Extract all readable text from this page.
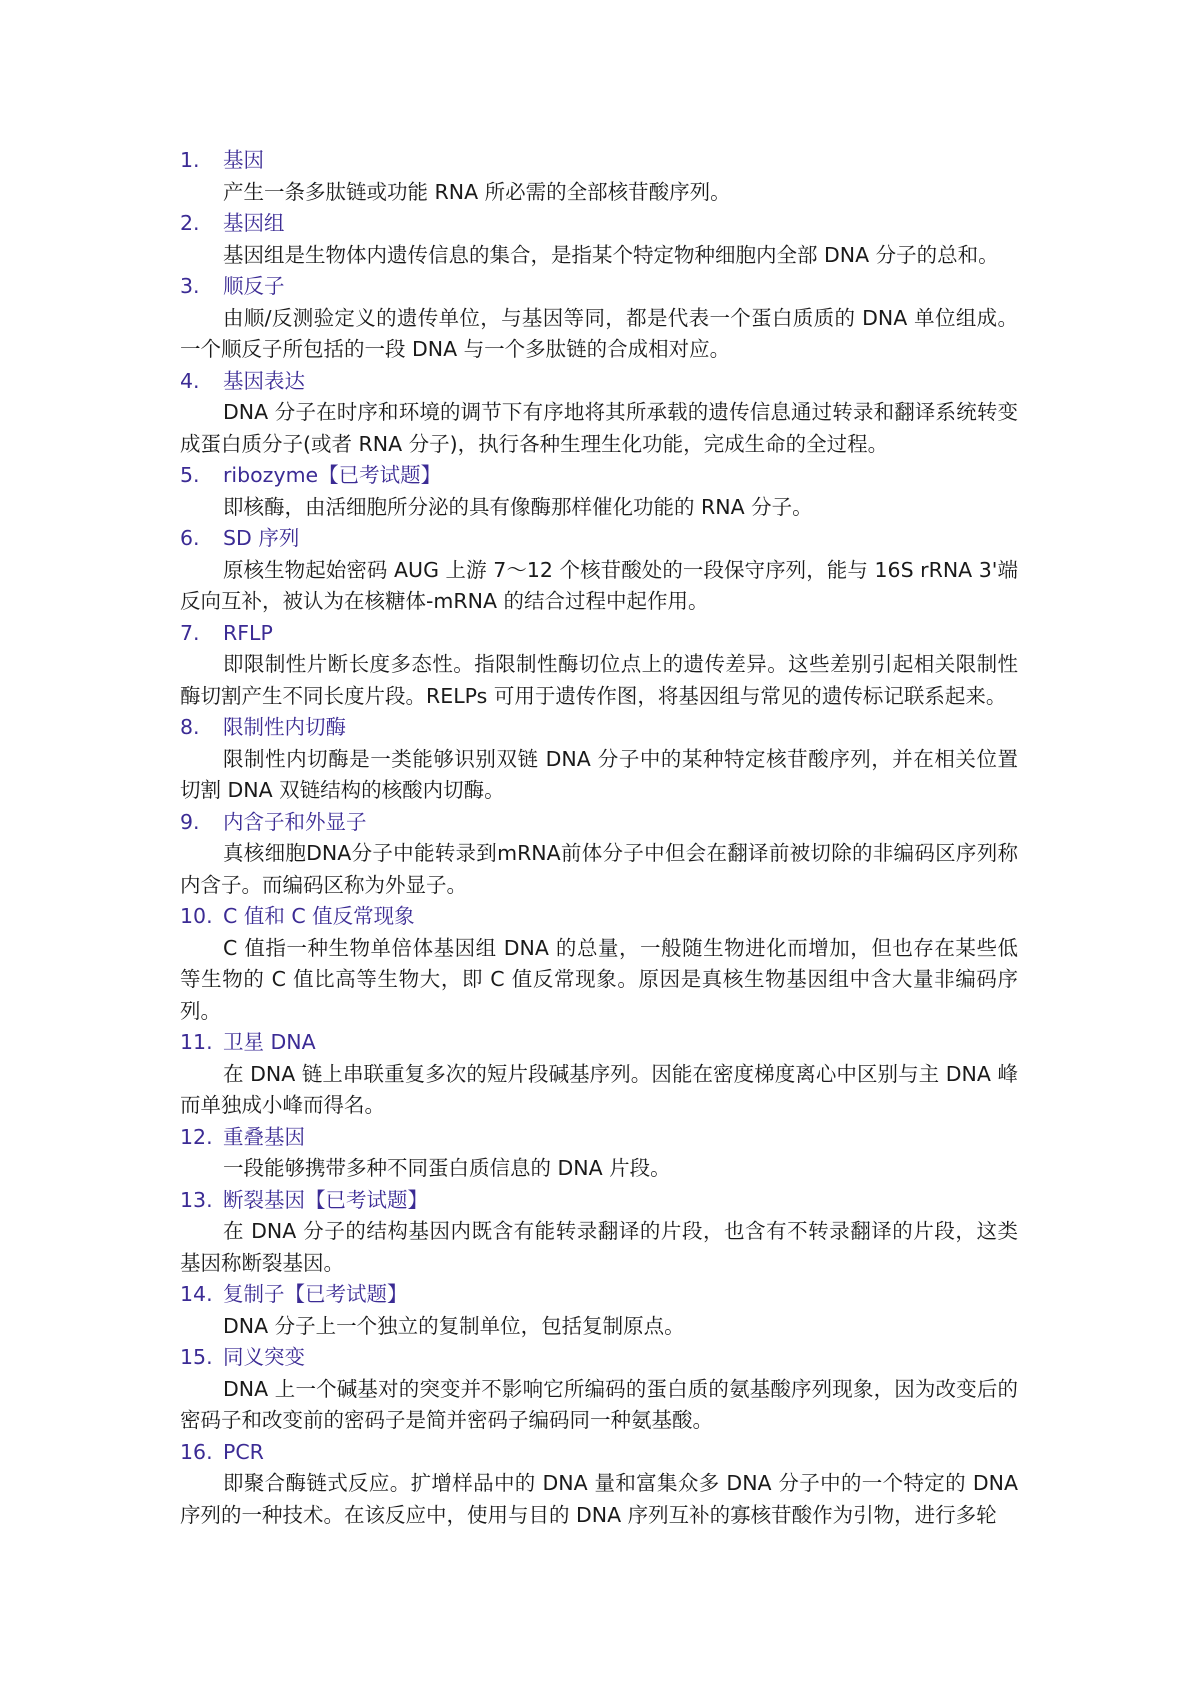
1. 基因

产生一条多肽链或功能 RNA 所必需的全部核苷酸序列。

2. 基因组

基因组是生物体内遗传信息的集合，是指某个特定物种细胞内全部 DNA 分子的总和。

3. 顺反子

由顺/反测验定义的遗传单位，与基因等同，都是代表一个蛋白质质的 DNA 单位组成。一个顺反子所包括的一段 DNA 与一个多肽链的合成相对应。

4. 基因表达

DNA 分子在时序和环境的调节下有序地将其所承载的遗传信息通过转录和翻译系统转变成蛋白质分子(或者 RNA 分子)，执行各种生理生化功能，完成生命的全过程。

5. ribozyme【已考试题】

即核酶，由活细胞所分泌的具有像酶那样催化功能的 RNA 分子。

6. SD 序列

原核生物起始密码 AUG 上游 7～12 个核苷酸处的一段保守序列，能与 16S rRNA 3'端反向互补，被认为在核糖体-mRNA 的结合过程中起作用。

7. RFLP

即限制性片断长度多态性。指限制性酶切位点上的遗传差异。这些差别引起相关限制性酶切割产生不同长度片段。RELPs 可用于遗传作图，将基因组与常见的遗传标记联系起来。

8. 限制性内切酶

限制性内切酶是一类能够识别双链 DNA 分子中的某种特定核苷酸序列，并在相关位置切割 DNA 双链结构的核酸内切酶。

9. 内含子和外显子

真核细胞DNA分子中能转录到mRNA前体分子中但会在翻译前被切除的非编码区序列称内含子。而编码区称为外显子。

10. C 值和 C 值反常现象

C 值指一种生物单倍体基因组 DNA 的总量，一般随生物进化而增加，但也存在某些低等生物的 C 值比高等生物大，即 C 值反常现象。原因是真核生物基因组中含大量非编码序列。

11. 卫星 DNA

在 DNA 链上串联重复多次的短片段碱基序列。因能在密度梯度离心中区别与主 DNA 峰而单独成小峰而得名。

12. 重叠基因

一段能够携带多种不同蛋白质信息的 DNA 片段。

13. 断裂基因【已考试题】

在 DNA 分子的结构基因内既含有能转录翻译的片段，也含有不转录翻译的片段，这类基因称断裂基因。

14. 复制子【已考试题】

DNA 分子上一个独立的复制单位，包括复制原点。

15. 同义突变

DNA 上一个碱基对的突变并不影响它所编码的蛋白质的氨基酸序列现象，因为改变后的密码子和改变前的密码子是简并密码子编码同一种氨基酸。

16. PCR

即聚合酶链式反应。扩增样品中的 DNA 量和富集众多 DNA 分子中的一个特定的 DNA 序列的一种技术。在该反应中，使用与目的 DNA 序列互补的寡核苷酸作为引物，进行多轮
